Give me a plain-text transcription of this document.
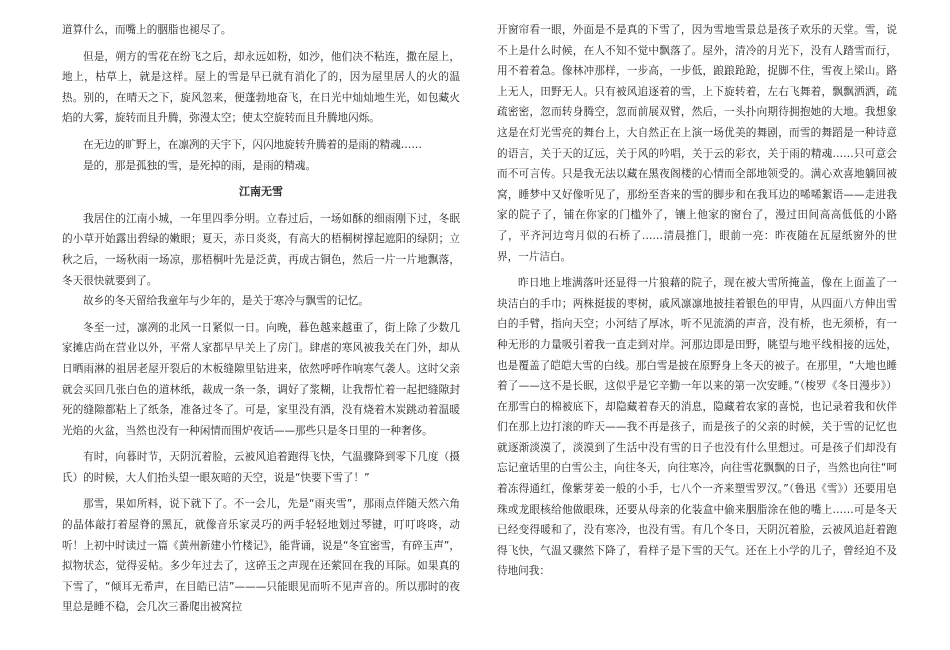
道算什么，而嘴上的胭脂也褪尽了。

但是，朔方的雪花在纷飞之后，却永远如粉，如沙，他们决不粘连，撒在屋上，地上，枯草上，就是这样。屋上的雪是早已就有消化了的，因为屋里居人的火的温热。别的，在晴天之下，旋风忽来，便蓬勃地奋飞，在日光中灿灿地生光，如包藏火焰的大雾，旋转而且升腾，弥漫太空；使太空旋转而且升腾地闪烁。

在无边的旷野上，在凛冽的天宇下，闪闪地旋转升腾着的是雨的精魂……

是的，那是孤独的雪，是死掉的雨，是雨的精魂。

江南无雪

我居住的江南小城，一年里四季分明。立春过后，一场如酥的细雨刚下过，冬眠的小草开始露出碧绿的嫩眼；夏天，赤日炎炎，有高大的梧桐树撑起遮阳的绿阴；立秋之后，一场秋雨一场凉，那梧桐叶先是泛黄，再成古铜色，然后一片一片地飘落，冬天很快就要到了。

故乡的冬天留给我童年与少年的，是关于寒冷与飘雪的记忆。

冬至一过，凛冽的北风一日紧似一日。向晚，暮色越来越重了，街上除了少数几家摊店尚在营业以外，平常人家都早早关上了房门。肆虐的寒风被我关在门外，却从日晒雨淋的祖居老屋开裂后的木板缝隙里钻进来，依然呼呼作响寒气袭人。这时父亲就会买回几张白色的道林纸，裁成一条一条，调好了浆糊，让我帮忙着一起把缝隙封死的缝隙都粘上了纸条，准备过冬了。可是，家里没有酒，没有烧着木炭跳动着温暖光焰的火盆，当然也没有一种闲情而围炉夜话——那些只是冬日里的一种奢侈。

有时，向暮时节，天阴沉着脸，云被风追着跑得飞快，气温骤降到零下几度（摄氏）的时候，大人们抬头望一眼灰暗的天空，说是“快要下雪了！”

那雪，果如所料，说下就下了。不一会儿，先是“雨夹雪”，那雨点伴随天然六角的晶体敲打着屋脊的黑瓦，就像音乐家灵巧的两手轻轻地划过琴键，叮叮咚咚，动听！上初中时读过一篇《黄州新建小竹楼记》，能背诵，说是“冬宜密雪，有碎玉声”，拟物状态，觉得妥帖。多少年过去了，这碎玉之声现在还萦回在我的耳际。如果真的下雪了，“倾耳无希声，在目皓已洁”———只能眼见而听不见声音的。所以那时的夜里总是睡不稳，会几次三番爬出被窝拉

开窗帘看一眼，外面是不是真的下雪了，因为雪地雪景总是孩子欢乐的天堂。雪，说不上是什么时候，在人不知不觉中飘落了。屋外，清冷的月光下，没有人踏雪而行，用不着着急。像林冲那样，一步高，一步低，踉踉跄跄，捉脚不住，雪夜上梁山。路上无人，田野无人。只有被风追逐着的雪，上下旋转着，左右飞舞着，飘飘洒洒，疏疏密密，忽而转身腾空，忽而前展双臂，然后，一头扑向期待拥抱她的大地。我想象这是在灯光雪亮的舞台上，大自然正在上演一场优美的舞剧，而雪的舞蹈是一种诗意的语言，关于天的辽远，关于风的吟唱，关于云的彩衣，关于雨的精魂……只可意会而不可言传。只是我无法以藏在黑夜阁楼的心情而全部地领受的。满心欢喜地躺回被窝，睡梦中又好像听见了，那纷至沓来的雪的脚步和在我耳边的唏唏絮语——走进我家的院子了，铺在你家的门槛外了，镶上他家的窗台了，漫过田间高高低低的小路了，平齐河边弯月似的石桥了……清晨推门，眼前一亮：昨夜随在瓦屋纸窗外的世界，一片洁白。

昨日地上堆满落叶还显得一片狼藉的院子，现在被大雪所掩盖，像在上面盖了一块洁白的手巾；两株挺拔的枣树，戚风凛凛地披挂着银色的甲胄，从四面八方伸出雪白的手臂，指向天空；小河结了厚冰，听不见流淌的声音，没有桥，也无须桥，有一种无形的力量吸引着我一直走到对岸。河那边即是田野，眺望与地平线相接的远处，也是覆盖了皑皑大雪的白线。那白雪是披在原野身上冬天的被子。在那里，“大地也睡着了——这不是长眠，这似乎是它辛勤一年以来的第一次安睡。”（梭罗《冬日漫步》）在那雪白的棉被底下，却隐藏着春天的消息，隐藏着农家的喜悦，也记录着我和伙伴们在那上边打滚的昨天——我不再是孩子，而是孩子的父亲的时候，关于雪的记忆也就逐渐淡漠了，淡漠到了生活中没有雪的日子也没有什么里想过。可是孩子们却没有忘记童话里的白雪公主，向往冬天，向往寒冷，向往雪花飘飘的日子，当然也向往“呵着冻得通红，像紫芽姜一般的小手，七八个一齐来塑雪罗汉。”（鲁迅《雪》）还要用皂珠或龙眼核给他做眼珠，还要从母亲的化装盒中偷来胭脂涂在他的嘴上……可是冬天已经变得暖和了，没有寒冷，也没有雪。有几个冬日，天阴沉着脸，云被风追赶着跑得飞快，气温又骤然下降了，看样子是下雪的天气。还在上小学的儿子，曾经迫不及待地问我：
